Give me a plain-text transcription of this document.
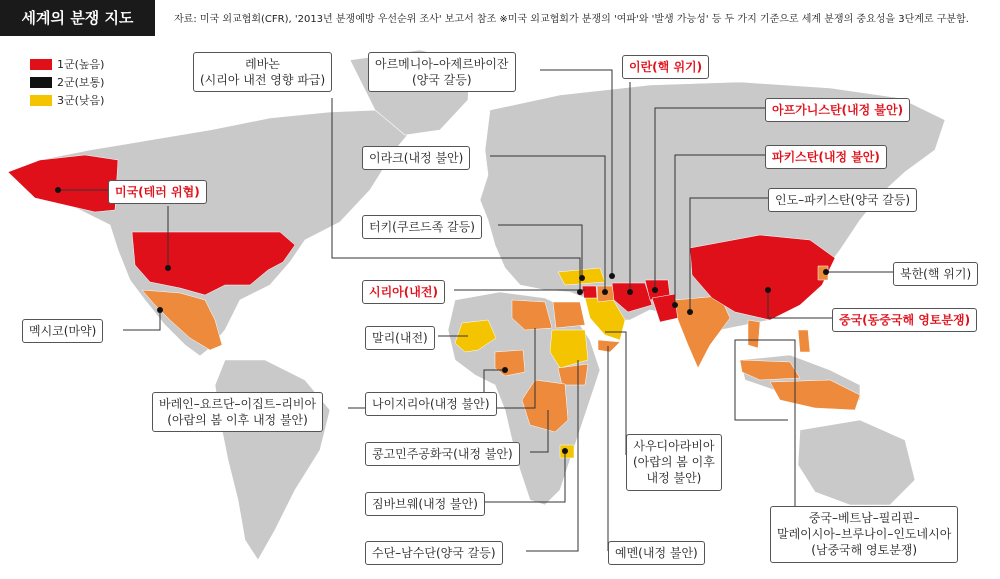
세계의 분쟁 지도	자료: 미국 외교협회(CFR), '2013년 분쟁예방 우선순위 조사' 보고서 참조 ※미국 외교협회가 분쟁의 '여파'와 '발생 가능성' 등 두 가지 기준으로 세계 분쟁의 중요성을 3단계로 구분함.
1군(높음)
2군(보통)
3군(낮음)
미국(테러 위협)
멕시코(마약)
레바논
(시리아 내전 영향 파급)
아르메니아–아제르바이잔
(양국 갈등)
이란(핵 위기)
아프가니스탄(내정 불안)
이라크(내정 불안)	파키스탄(내정 불안)
인도–파키스탄(양국 갈등)
터키(쿠르드족 갈등)
북한(핵 위기)
시리아(내전)
중국(동중국해 영토분쟁)
말리(내전)
나이지리아(내정 불안)
바레인–요르단–이집트–리비아
(아랍의 봄 이후 내정 불안)
콩고민주공화국(내정 불안)
사우디아라비아
(아랍의 봄 이후
내정 불안)
짐바브웨(내정 불안)
수단–남수단(양국 갈등)	예멘(내정 불안)
중국–베트남–필리핀–
말레이시아–브루나이–인도네시아
(남중국해 영토분쟁)
